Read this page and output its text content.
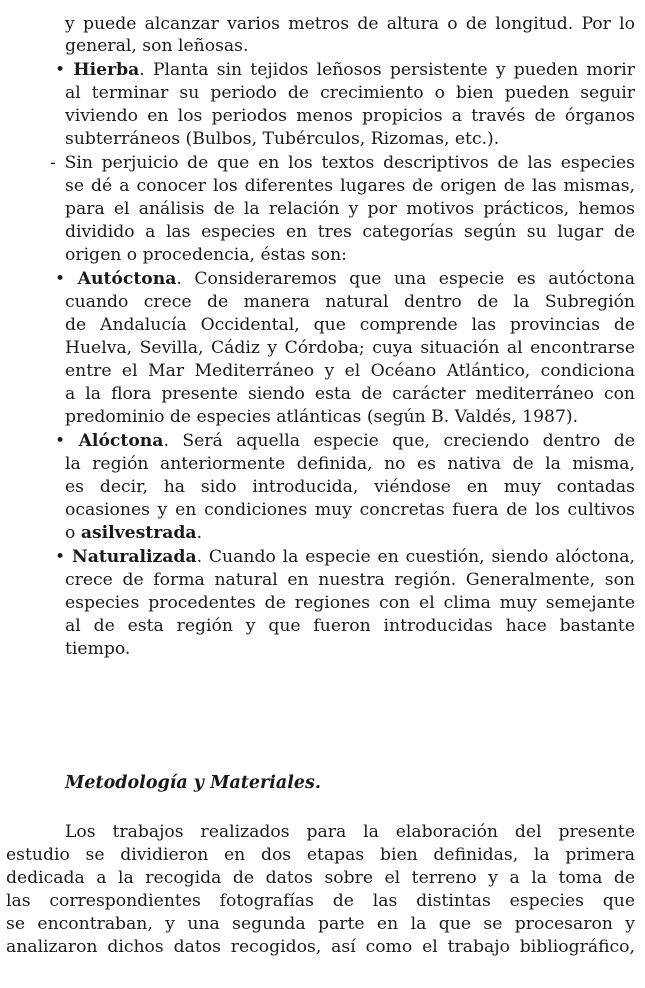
y puede alcanzar varios metros de altura o de longitud. Por lo
general, son leñosas.
• Hierba. Planta sin tejidos leñosos persistente y pueden morir
al terminar su periodo de crecimiento o bien pueden seguir
viviendo en los periodos menos propicios a través de órganos
subterráneos (Bulbos, Tubérculos, Rizomas, etc.).
- Sin perjuicio de que en los textos descriptivos de las especies
se dé a conocer los diferentes lugares de origen de las mismas,
para el análisis de la relación y por motivos prácticos, hemos
dividido a las especies en tres categorías según su lugar de
origen o procedencia, éstas son:
• Autóctona. Consideraremos que una especie es autóctona
cuando crece de manera natural dentro de la Subregión
de Andalucía Occidental, que comprende las provincias de
Huelva, Sevilla, Cádiz y Córdoba; cuya situación al encontrarse
entre el Mar Mediterráneo y el Océano Atlántico, condiciona
a la flora presente siendo esta de carácter mediterráneo con
predominio de especies atlánticas (según B. Valdés, 1987).
• Alóctona. Será aquella especie que, creciendo dentro de
la región anteriormente definida, no es nativa de la misma,
es decir, ha sido introducida, viéndose en muy contadas
ocasiones y en condiciones muy concretas fuera de los cultivos
o asilvestrada.
• Naturalizada. Cuando la especie en cuestión, siendo alóctona,
crece de forma natural en nuestra región. Generalmente, son
especies procedentes de regiones con el clima muy semejante
al de esta región y que fueron introducidas hace bastante
tiempo.
Metodología y Materiales.
Los trabajos realizados para la elaboración del presente
estudio se dividieron en dos etapas bien definidas, la primera
dedicada a la recogida de datos sobre el terreno y a la toma de
las correspondientes fotografías de las distintas especies que
se encontraban, y una segunda parte en la que se procesaron y
analizaron dichos datos recogidos, así como el trabajo bibliográfico,
